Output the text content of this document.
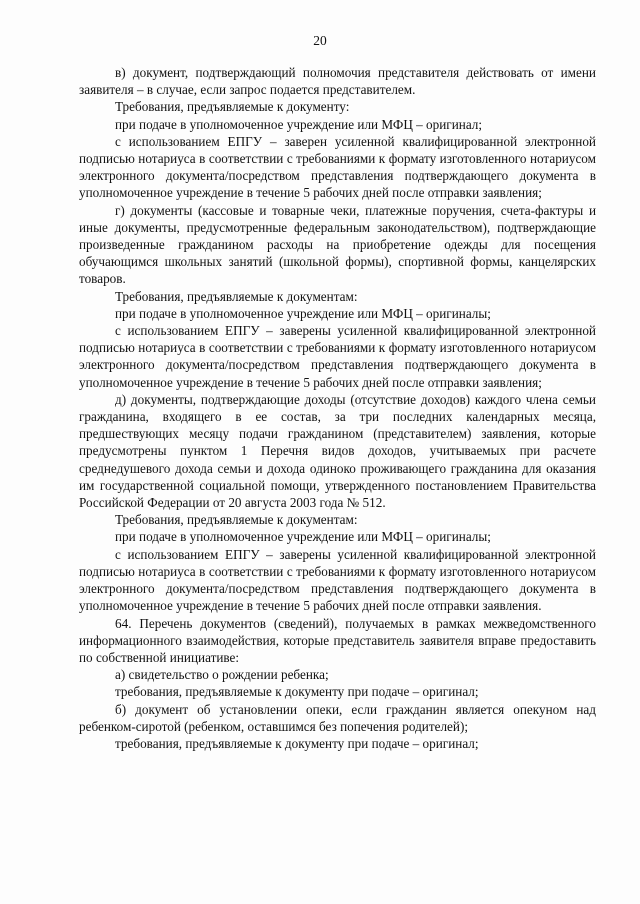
20

в) документ, подтверждающий полномочия представителя действовать от имени заявителя – в случае, если запрос подается представителем.

Требования, предъявляемые к документу:

при подаче в уполномоченное учреждение или МФЦ – оригинал;

с использованием ЕПГУ – заверен усиленной квалифицированной электронной подписью нотариуса в соответствии с требованиями к формату изготовленного нотариусом электронного документа/посредством представления подтверждающего документа в уполномоченное учреждение в течение 5 рабочих дней после отправки заявления;

г) документы (кассовые и товарные чеки, платежные поручения, счета-фактуры и иные документы, предусмотренные федеральным законодательством), подтверждающие произведенные гражданином расходы на приобретение одежды для посещения обучающимся школьных занятий (школьной формы), спортивной формы, канцелярских товаров.

Требования, предъявляемые к документам:

при подаче в уполномоченное учреждение или МФЦ – оригиналы;

с использованием ЕПГУ – заверены усиленной квалифицированной электронной подписью нотариуса в соответствии с требованиями к формату изготовленного нотариусом электронного документа/посредством представления подтверждающего документа в уполномоченное учреждение в течение 5 рабочих дней после отправки заявления;

д) документы, подтверждающие доходы (отсутствие доходов) каждого члена семьи гражданина, входящего в ее состав, за три последних календарных месяца, предшествующих месяцу подачи гражданином (представителем) заявления, которые предусмотрены пунктом 1 Перечня видов доходов, учитываемых при расчете среднедушевого дохода семьи и дохода одиноко проживающего гражданина для оказания им государственной социальной помощи, утвержденного постановлением Правительства Российской Федерации от 20 августа 2003 года № 512.

Требования, предъявляемые к документам:

при подаче в уполномоченное учреждение или МФЦ – оригиналы;

с использованием ЕПГУ – заверены усиленной квалифицированной электронной подписью нотариуса в соответствии с требованиями к формату изготовленного нотариусом электронного документа/посредством представления подтверждающего документа в уполномоченное учреждение в течение 5 рабочих дней после отправки заявления.

64. Перечень документов (сведений), получаемых в рамках межведомственного информационного взаимодействия, которые представитель заявителя вправе предоставить по собственной инициативе:

а) свидетельство о рождении ребенка;

требования, предъявляемые к документу при подаче – оригинал;

б) документ об установлении опеки, если гражданин является опекуном над ребенком-сиротой (ребенком, оставшимся без попечения родителей);

требования, предъявляемые к документу при подаче – оригинал;
